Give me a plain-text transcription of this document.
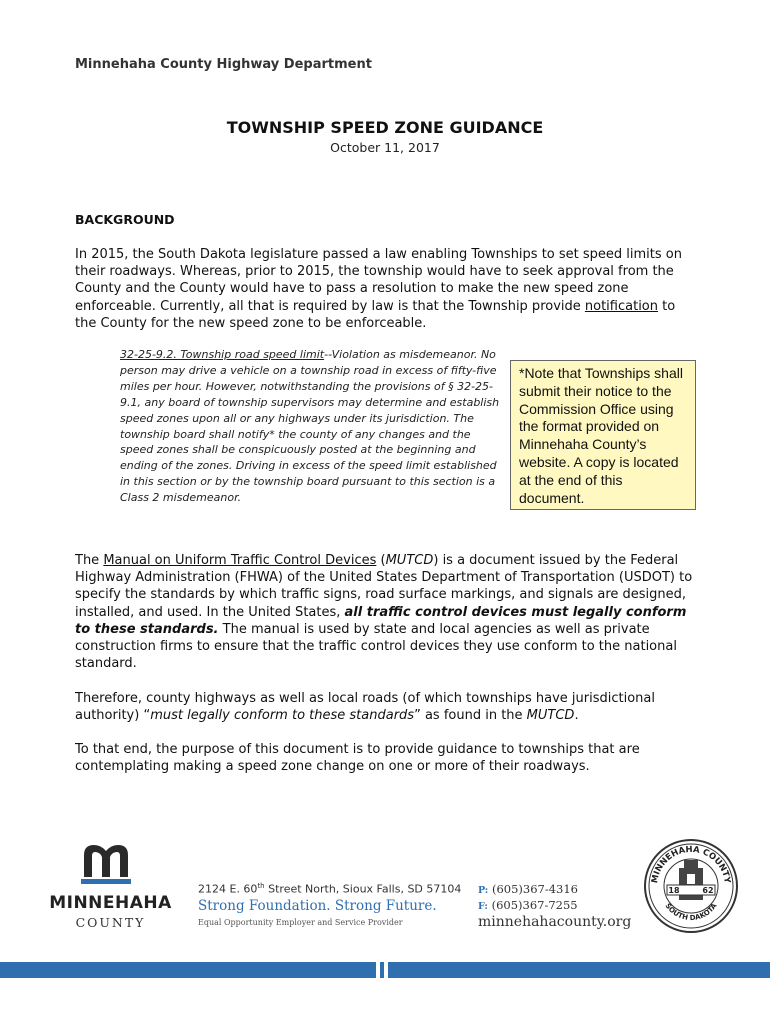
Minnehaha County Highway Department
TOWNSHIP SPEED ZONE GUIDANCE
October 11, 2017
BACKGROUND
In 2015, the South Dakota legislature passed a law enabling Townships to set speed limits on their roadways. Whereas, prior to 2015, the township would have to seek approval from the County and the County would have to pass a resolution to make the new speed zone enforceable. Currently, all that is required by law is that the Township provide notification to the County for the new speed zone to be enforceable.
32-25-9.2. Township road speed limit--Violation as misdemeanor. No person may drive a vehicle on a township road in excess of fifty-five miles per hour. However, notwithstanding the provisions of § 32-25-9.1, any board of township supervisors may determine and establish speed zones upon all or any highways under its jurisdiction. The township board shall notify* the county of any changes and the speed zones shall be conspicuously posted at the beginning and ending of the zones. Driving in excess of the speed limit established in this section or by the township board pursuant to this section is a Class 2 misdemeanor.
*Note that Townships shall submit their notice to the Commission Office using the format provided on Minnehaha County’s website. A copy is located at the end of this document.
The Manual on Uniform Traffic Control Devices (MUTCD) is a document issued by the Federal Highway Administration (FHWA) of the United States Department of Transportation (USDOT) to specify the standards by which traffic signs, road surface markings, and signals are designed, installed, and used. In the United States, all traffic control devices must legally conform to these standards. The manual is used by state and local agencies as well as private construction firms to ensure that the traffic control devices they use conform to the national standard.
Therefore, county highways as well as local roads (of which townships have jurisdictional authority) “must legally conform to these standards” as found in the MUTCD.
To that end, the purpose of this document is to provide guidance to townships that are contemplating making a speed zone change on one or more of their roadways.
MINNEHAHA
COUNTY
2124 E. 60th Street North, Sioux Falls, SD 57104
Strong Foundation. Strong Future.
Equal Opportunity Employer and Service Provider
P: (605)367-4316
F: (605)367-7255
minnehahacounty.org
MINNEHAHA COUNTY
SOUTH DAKOTA
18	62
